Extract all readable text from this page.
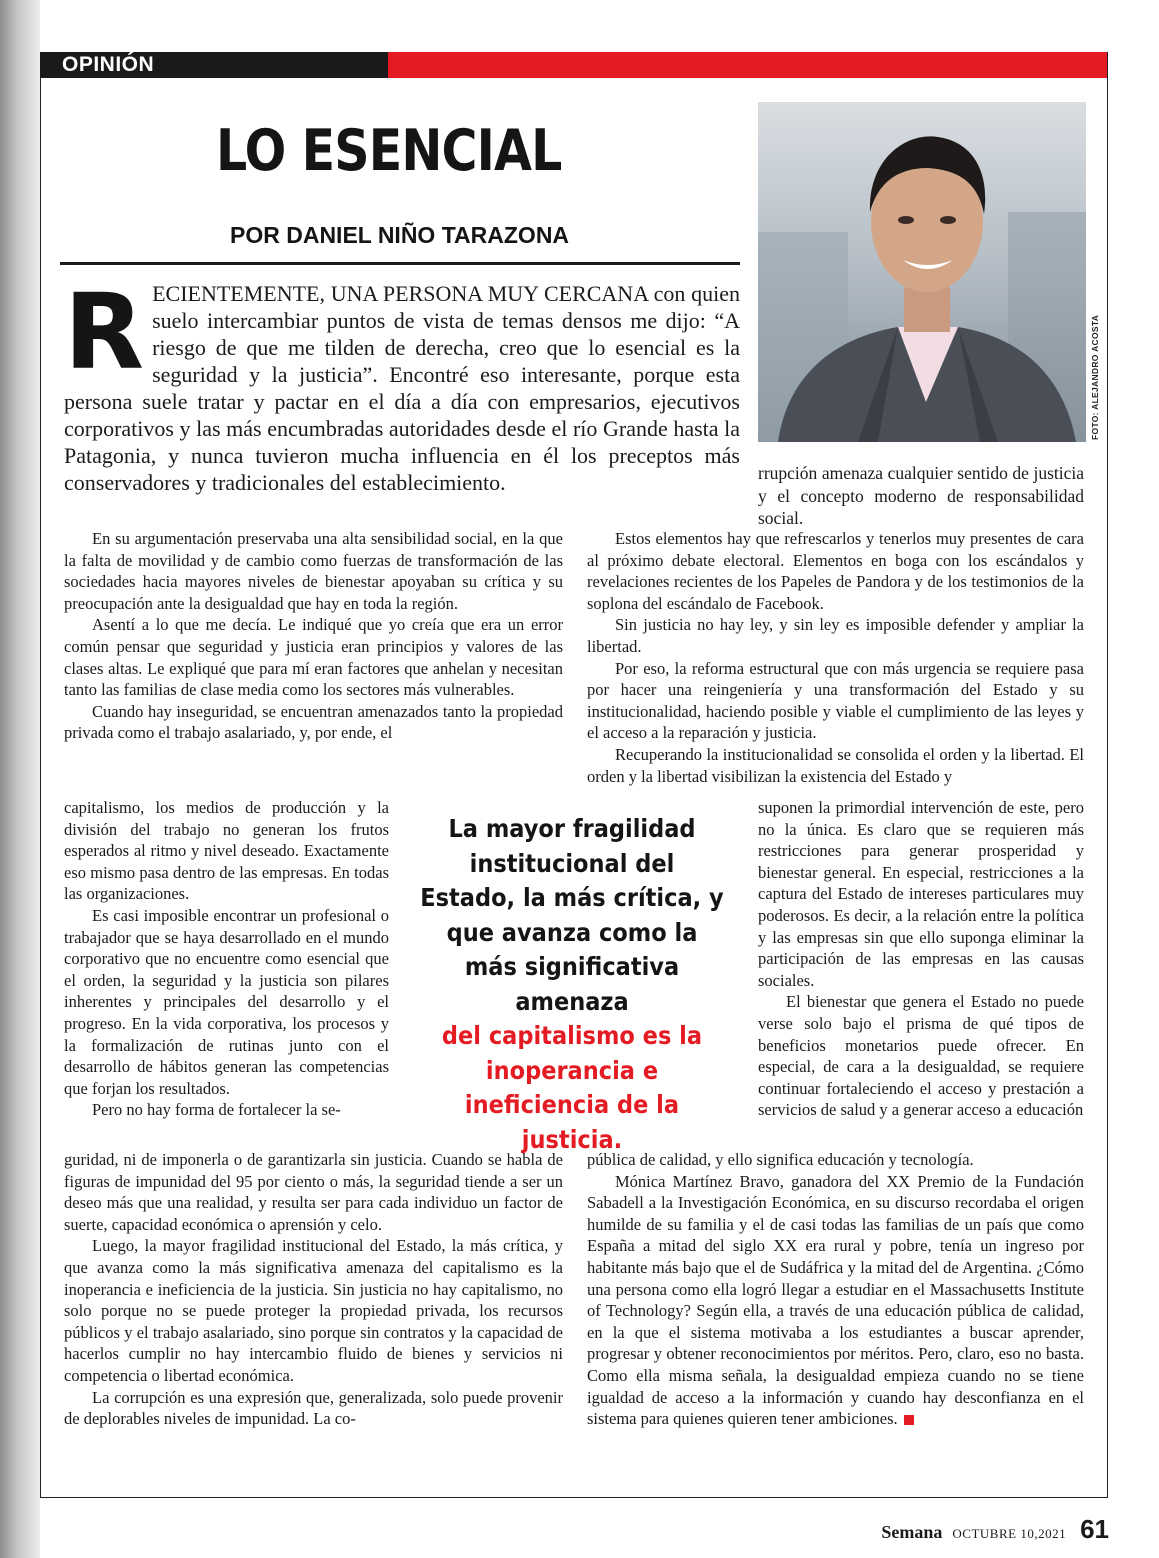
OPINIÓN
LO ESENCIAL
POR DANIEL NIÑO TARAZONA
FOTO: ALEJANDRO ACOSTA
R ECIENTEMENTE, UNA PERSONA MUY CERCANA con quien suelo intercambiar puntos de vista de temas densos me dijo: “A riesgo de que me tilden de derecha, creo que lo esencial es la seguridad y la justicia”. Encontré eso interesante, porque esta persona suele tratar y pactar en el día a día con empresarios, ejecutivos corporativos y las más encumbradas autoridades desde el río Grande hasta la Patagonia, y nunca tuvieron mucha influencia en él los preceptos más conservadores y tradicionales del establecimiento.

En su argumentación preservaba una alta sensibilidad social, en la que la falta de movilidad y de cambio como fuerzas de transformación de las sociedades hacia mayores niveles de bienestar apoyaban su crítica y su preocupación ante la desigualdad que hay en toda la región.

Asentí a lo que me decía. Le indiqué que yo creía que era un error común pensar que seguridad y justicia eran principios y valores de las clases altas. Le expliqué que para mí eran factores que anhelan y necesitan tanto las familias de clase media como los sectores más vulnerables.

Cuando hay inseguridad, se encuentran amenazados tanto la propiedad privada como el trabajo asalariado, y, por ende, el

capitalismo, los medios de producción y la división del trabajo no generan los frutos esperados al ritmo y nivel deseado. Exactamente eso mismo pasa dentro de las empresas. En todas las organizaciones.

Es casi imposible encontrar un profesional o trabajador que se haya desarrollado en el mundo corporativo que no encuentre como esencial que el orden, la seguridad y la justicia son pilares inherentes y principales del desarrollo y el progreso. En la vida corporativa, los procesos y la formalización de rutinas junto con el desarrollo de hábitos generan las competencias que forjan los resultados.

Pero no hay forma de fortalecer la se-

guridad, ni de imponerla o de garantizarla sin justicia. Cuando se habla de figuras de impunidad del 95 por ciento o más, la seguridad tiende a ser un deseo más que una realidad, y resulta ser para cada individuo un factor de suerte, capacidad económica o aprensión y celo.

Luego, la mayor fragilidad institucional del Estado, la más crítica, y que avanza como la más significativa amenaza del capitalismo es la inoperancia e ineficiencia de la justicia. Sin justicia no hay capitalismo, no solo porque no se puede proteger la propiedad privada, los recursos públicos y el trabajo asalariado, sino porque sin contratos y la capacidad de hacerlos cumplir no hay intercambio fluido de bienes y servicios ni competencia o libertad económica.

La corrupción es una expresión que, generalizada, solo puede provenir de deplorables niveles de impunidad. La co-

rrupción amenaza cualquier sentido de justicia y el concepto moderno de responsabilidad social.

Estos elementos hay que refrescarlos y tenerlos muy presentes de cara al próximo debate electoral. Elementos en boga con los escándalos y revelaciones recientes de los Papeles de Pandora y de los testimonios de la soplona del escándalo de Facebook.

Sin justicia no hay ley, y sin ley es imposible defender y ampliar la libertad.

Por eso, la reforma estructural que con más urgencia se requiere pasa por hacer una reingeniería y una transformación del Estado y su institucionalidad, haciendo posible y viable el cumplimiento de las leyes y el acceso a la reparación y justicia.

Recuperando la institucionalidad se consolida el orden y la libertad. El orden y la libertad visibilizan la existencia del Estado y

suponen la primordial intervención de este, pero no la única. Es claro que se requieren más restricciones para generar prosperidad y bienestar general. En especial, restricciones a la captura del Estado de intereses particulares muy poderosos. Es decir, a la relación entre la política y las empresas sin que ello suponga eliminar la participación de las empresas en las causas sociales.

El bienestar que genera el Estado no puede verse solo bajo el prisma de qué tipos de beneficios monetarios puede ofrecer. En especial, de cara a la desigualdad, se requiere continuar fortaleciendo el acceso y prestación a servicios de salud y a generar acceso a educación

pública de calidad, y ello significa educación y tecnología.

Mónica Martínez Bravo, ganadora del XX Premio de la Fundación Sabadell a la Investigación Económica, en su discurso recordaba el origen humilde de su familia y el de casi todas las familias de un país que como España a mitad del siglo XX era rural y pobre, tenía un ingreso por habitante más bajo que el de Sudáfrica y la mitad del de Argentina. ¿Cómo una persona como ella logró llegar a estudiar en el Massachusetts Institute of Technology? Según ella, a través de una educación pública de calidad, en la que el sistema motivaba a los estudiantes a buscar aprender, progresar y obtener reconocimientos por méritos. Pero, claro, eso no basta. Como ella misma señala, la desigualdad empieza cuando no se tiene igualdad de acceso a la información y cuando hay desconfianza en el sistema para quienes quieren tener ambiciones.

La mayor fragilidad institucional del Estado, la más crítica, y que avanza como la más significativa amenaza
del capitalismo es la inoperancia e ineficiencia de la justicia.
Semana OCTUBRE 10,2021 61
